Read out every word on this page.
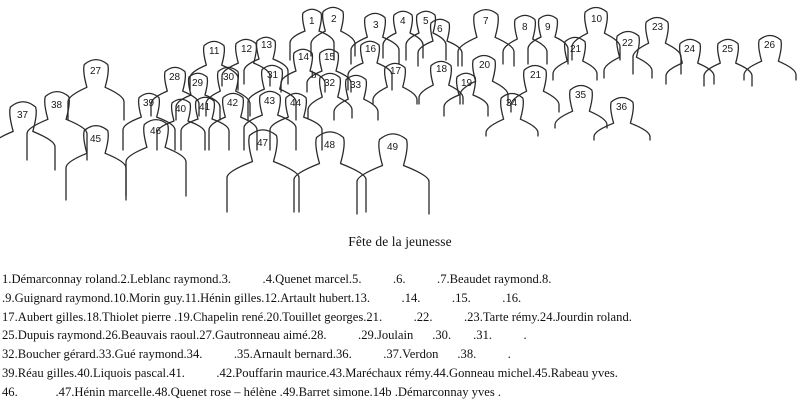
1 2
3 4 5
6
7
8 9
10
21
22
23
24	25	26
11 12 13
14 15
16
17	18
19
20
21
34
35
36
27
28
29
30	31
32 33
37
38	39
40 41 42	43 44
45
46
47	48	49
b
Fête de la jeunesse
1.Démarconnay roland.2.Leblanc raymond.3.          .4.Quenet marcel.5.          .6.          .7.Beaudet raymond.8.
.9.Guignard raymond.10.Morin guy.11.Hénin gilles.12.Artault hubert.13.          .14.          .15.          .16.
17.Aubert gilles.18.Thiolet pierre .19.Chapelin rené.20.Touillet georges.21.          .22.          .23.Tarte rémy.24.Jourdin roland.
25.Dupuis raymond.26.Beauvais raoul.27.Gautronneau aimé.28.          .29.Joulain      .30.       .31.          .
32.Boucher gérard.33.Gué raymond.34.          .35.Arnault bernard.36.          .37.Verdon      .38.          .
39.Réau gilles.40.Liquois pascal.41.          .42.Pouffarin maurice.43.Maréchaux rémy.44.Gonneau michel.45.Rabeau yves.
46.            .47.Hénin marcelle.48.Quenet rose – hélène .49.Barret simone.14b .Démarconnay yves .
